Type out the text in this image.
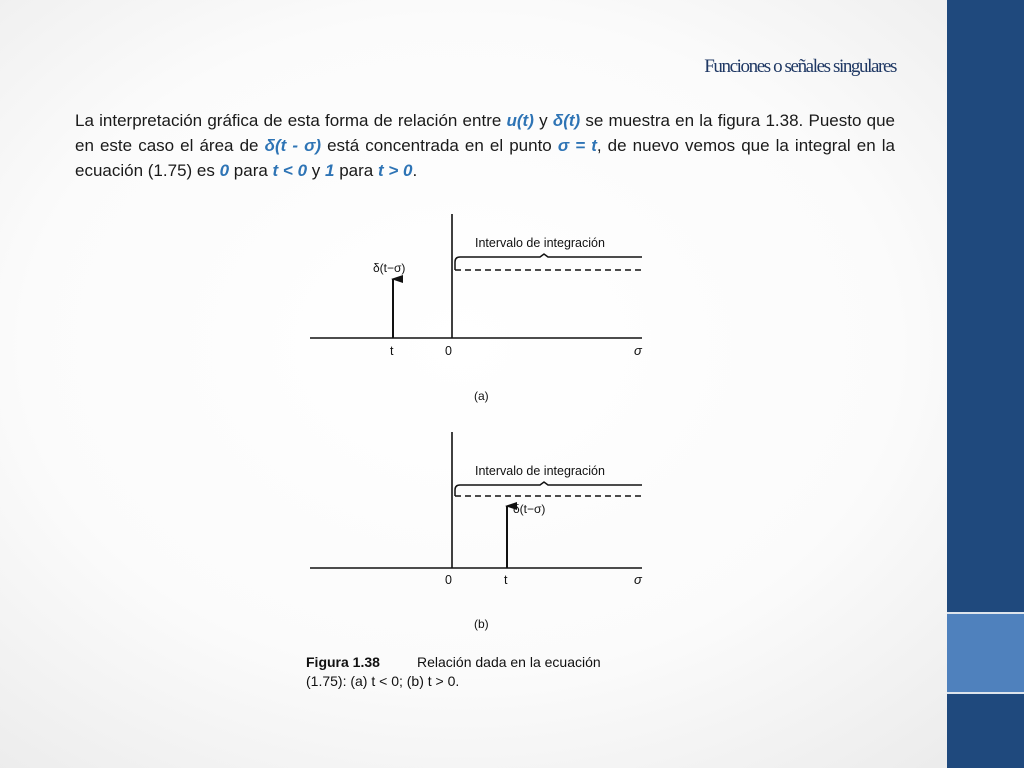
Funciones o señales singulares

La interpretación gráfica de esta forma de relación entre u(t) y δ(t) se muestra en la figura 1.38. Puesto que en este caso el área de δ(t - σ) está concentrada en el punto σ = t, de nuevo vemos que la integral en la ecuación (1.75) es 0 para t < 0 y 1 para t > 0.

Intervalo de integración
δ(t−σ)
t	0	σ
(a)
Intervalo de integración
δ(t−σ)
0	t	σ
(b)
Figura 1.38	Relación dada en la ecuación
(1.75): (a) t < 0; (b) t > 0.
